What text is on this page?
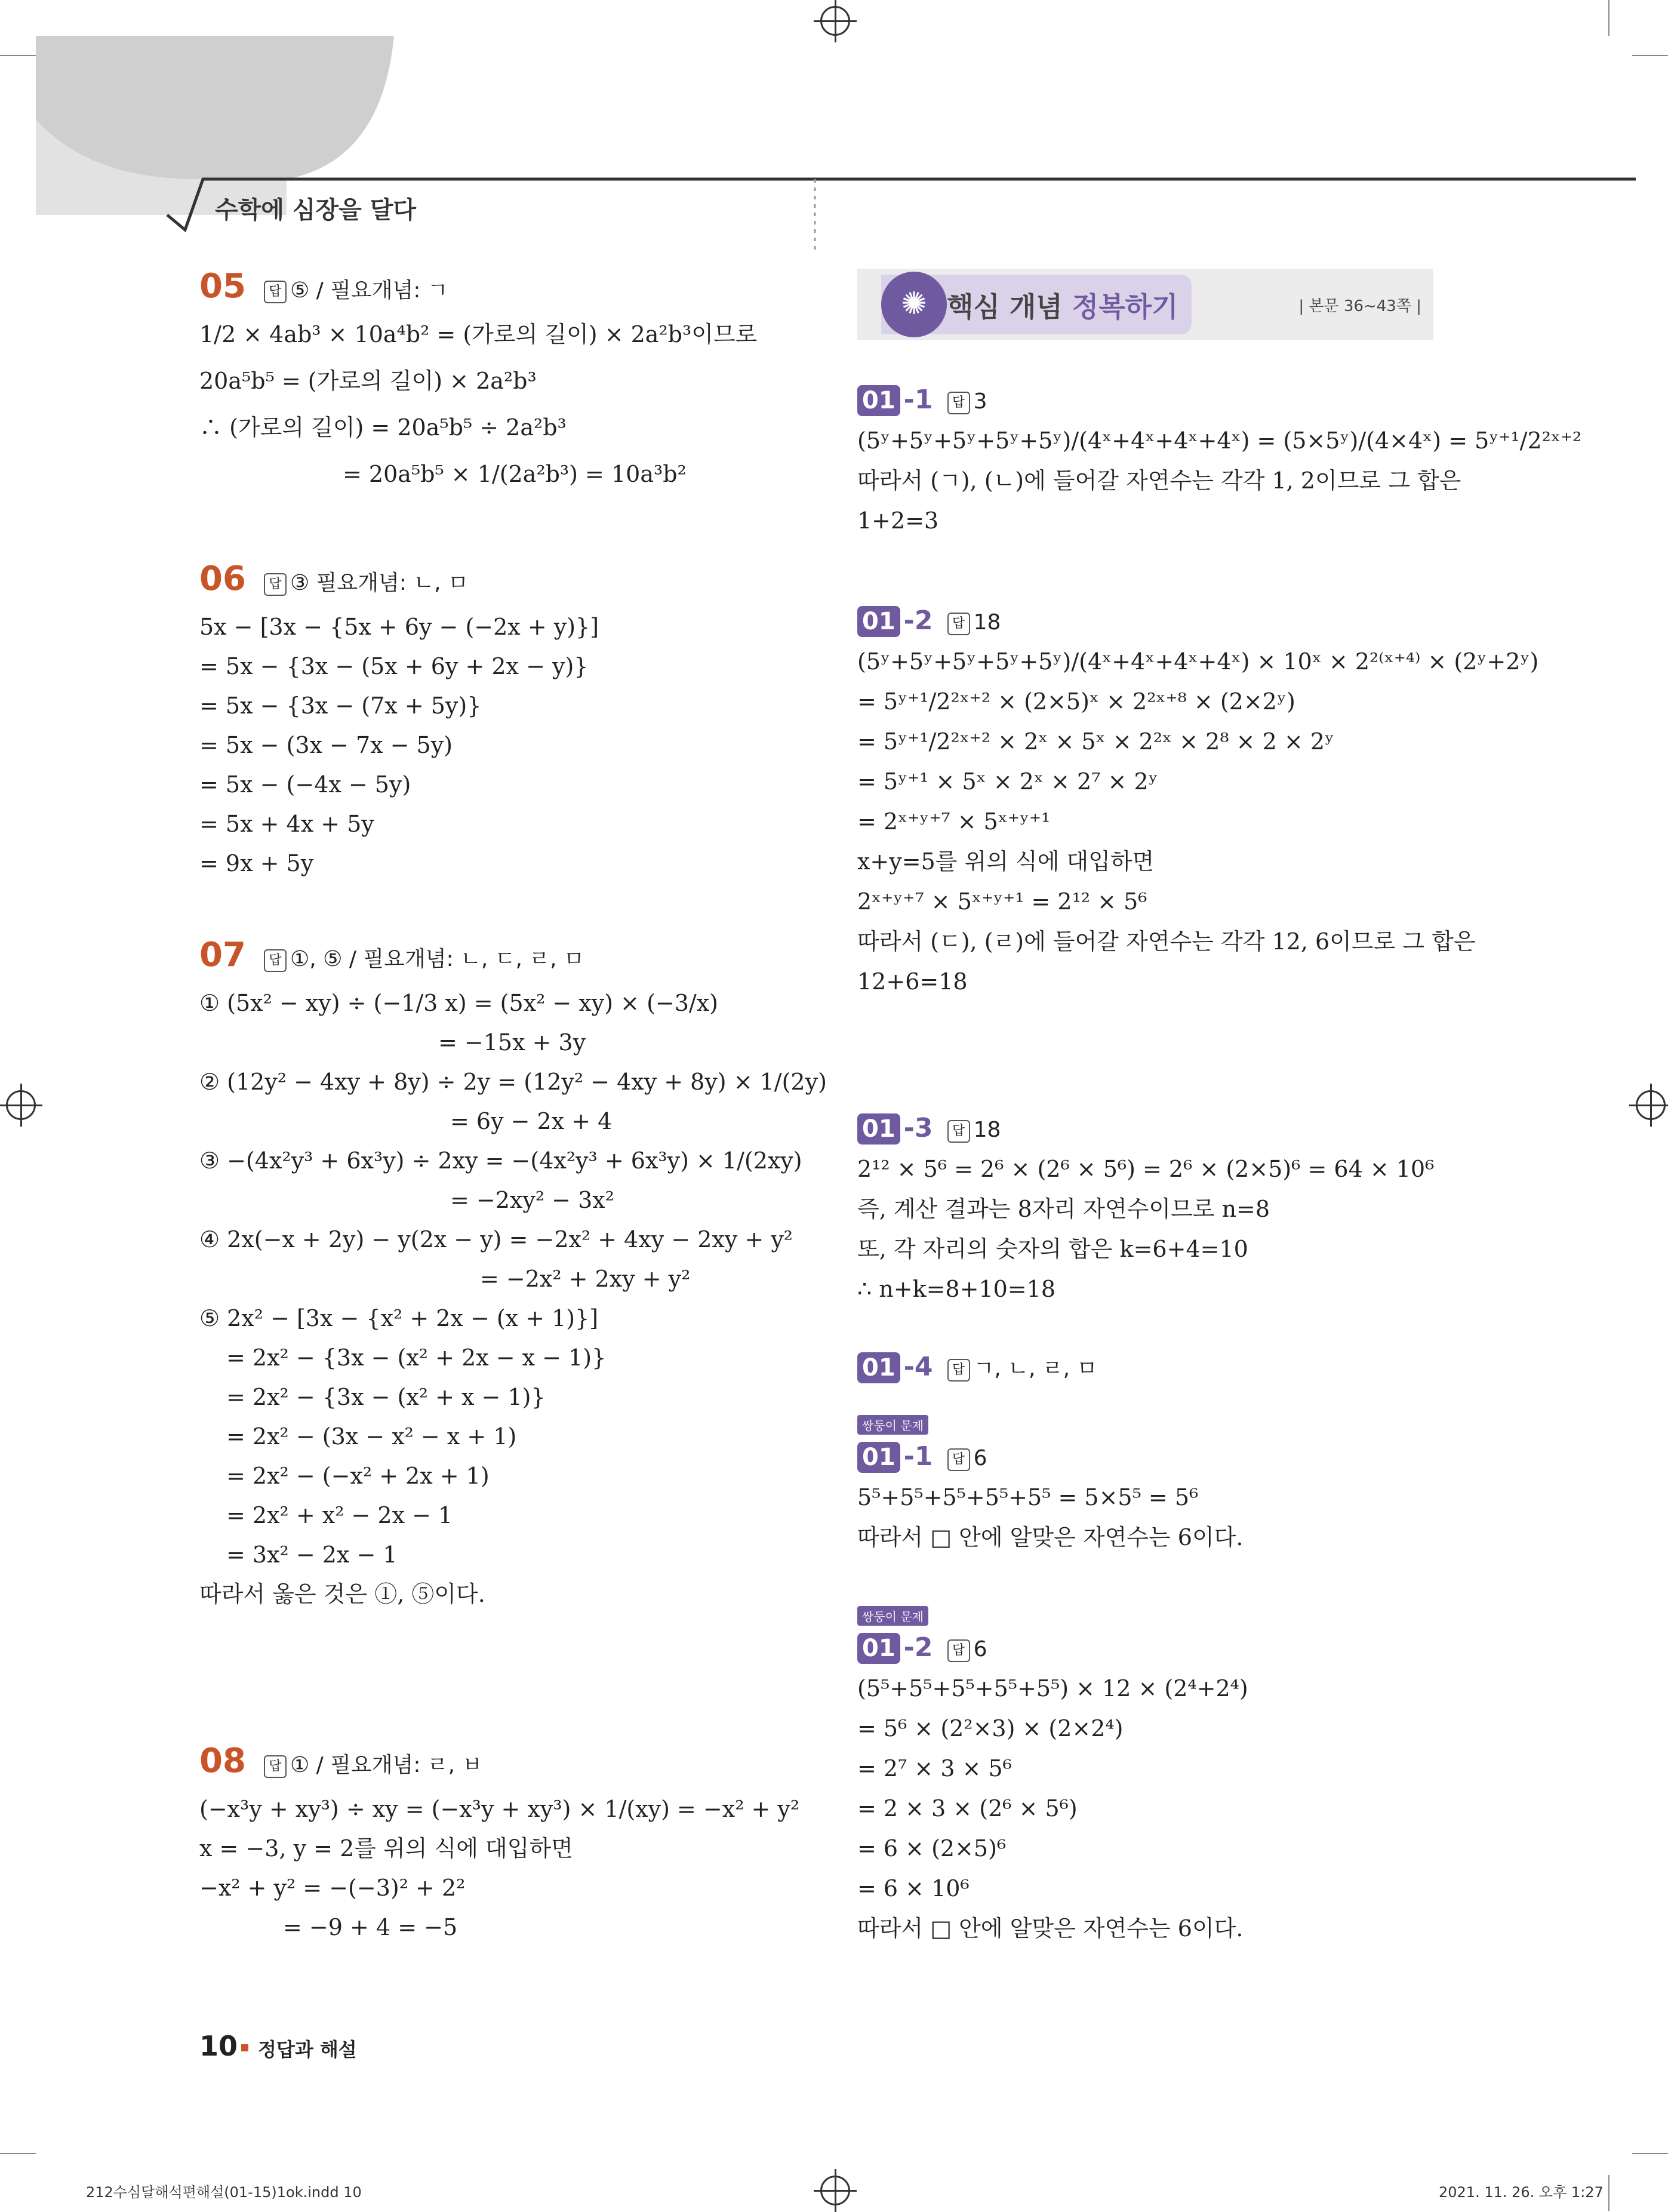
수학에 심장을 달다
05 답 ⑤ / 필요개념: ㄱ
1/2 × 4ab³ × 10a⁴b² = (가로의 길이) × 2a²b³이므로
20a⁵b⁵ = (가로의 길이) × 2a²b³
∴ (가로의 길이) = 20a⁵b⁵ ÷ 2a²b³
= 20a⁵b⁵ × 1/(2a²b³) = 10a³b²
06 답 ③ 필요개념: ㄴ, ㅁ
5x − [3x − {5x + 6y − (−2x + y)}]
= 5x − {3x − (5x + 6y + 2x − y)}
= 5x − {3x − (7x + 5y)}
= 5x − (3x − 7x − 5y)
= 5x − (−4x − 5y)
= 5x + 4x + 5y
= 9x + 5y
07 답 ①, ⑤ / 필요개념: ㄴ, ㄷ, ㄹ, ㅁ
① (5x² − xy) ÷ (−1/3 x) = (5x² − xy) × (−3/x)
= −15x + 3y
② (12y² − 4xy + 8y) ÷ 2y = (12y² − 4xy + 8y) × 1/(2y)
= 6y − 2x + 4
③ −(4x²y³ + 6x³y) ÷ 2xy = −(4x²y³ + 6x³y) × 1/(2xy)
= −2xy² − 3x²
④ 2x(−x + 2y) − y(2x − y) = −2x² + 4xy − 2xy + y²
= −2x² + 2xy + y²
⑤ 2x² − [3x − {x² + 2x − (x + 1)}]
= 2x² − {3x − (x² + 2x − x − 1)}
= 2x² − {3x − (x² + x − 1)}
= 2x² − (3x − x² − x + 1)
= 2x² − (−x² + 2x + 1)
= 2x² + x² − 2x − 1
= 3x² − 2x − 1
따라서 옳은 것은 ①, ⑤이다.
08 답 ① / 필요개념: ㄹ, ㅂ
(−x³y + xy³) ÷ xy = (−x³y + xy³) × 1/(xy) = −x² + y²
x = −3, y = 2를 위의 식에 대입하면
−x² + y² = −(−3)² + 2²
= −9 + 4 = −5
✺ 핵심 개념 정복하기	| 본문 36~43쪽 |
01 -1 답 3
(5ʸ+5ʸ+5ʸ+5ʸ+5ʸ)/(4ˣ+4ˣ+4ˣ+4ˣ) = (5×5ʸ)/(4×4ˣ) = 5ʸ⁺¹/2²ˣ⁺²
따라서 (ㄱ), (ㄴ)에 들어갈 자연수는 각각 1, 2이므로 그 합은
1+2=3
01 -2 답 18
(5ʸ+5ʸ+5ʸ+5ʸ+5ʸ)/(4ˣ+4ˣ+4ˣ+4ˣ) × 10ˣ × 2²⁽ˣ⁺⁴⁾ × (2ʸ+2ʸ)
= 5ʸ⁺¹/2²ˣ⁺² × (2×5)ˣ × 2²ˣ⁺⁸ × (2×2ʸ)
= 5ʸ⁺¹/2²ˣ⁺² × 2ˣ × 5ˣ × 2²ˣ × 2⁸ × 2 × 2ʸ
= 5ʸ⁺¹ × 5ˣ × 2ˣ × 2⁷ × 2ʸ
= 2ˣ⁺ʸ⁺⁷ × 5ˣ⁺ʸ⁺¹
x+y=5를 위의 식에 대입하면
2ˣ⁺ʸ⁺⁷ × 5ˣ⁺ʸ⁺¹ = 2¹² × 5⁶
따라서 (ㄷ), (ㄹ)에 들어갈 자연수는 각각 12, 6이므로 그 합은
12+6=18
01 -3 답 18
2¹² × 5⁶ = 2⁶ × (2⁶ × 5⁶) = 2⁶ × (2×5)⁶ = 64 × 10⁶
즉, 계산 결과는 8자리 자연수이므로 n=8
또, 각 자리의 숫자의 합은 k=6+4=10
∴ n+k=8+10=18
01 -4 답 ㄱ, ㄴ, ㄹ, ㅁ
쌍둥이 문제
01 -1 답 6
5⁵+5⁵+5⁵+5⁵+5⁵ = 5×5⁵ = 5⁶
따라서 □ 안에 알맞은 자연수는 6이다.
쌍둥이 문제
01 -2 답 6
(5⁵+5⁵+5⁵+5⁵+5⁵) × 12 × (2⁴+2⁴)
= 5⁶ × (2²×3) × (2×2⁴)
= 2⁷ × 3 × 5⁶
= 2 × 3 × (2⁶ × 5⁶)
= 6 × (2×5)⁶
= 6 × 10⁶
따라서 □ 안에 알맞은 자연수는 6이다.
10 정답과 해설
212수심달해석편해설(01-15)1ok.indd 10	2021. 11. 26. 오후 1:27
